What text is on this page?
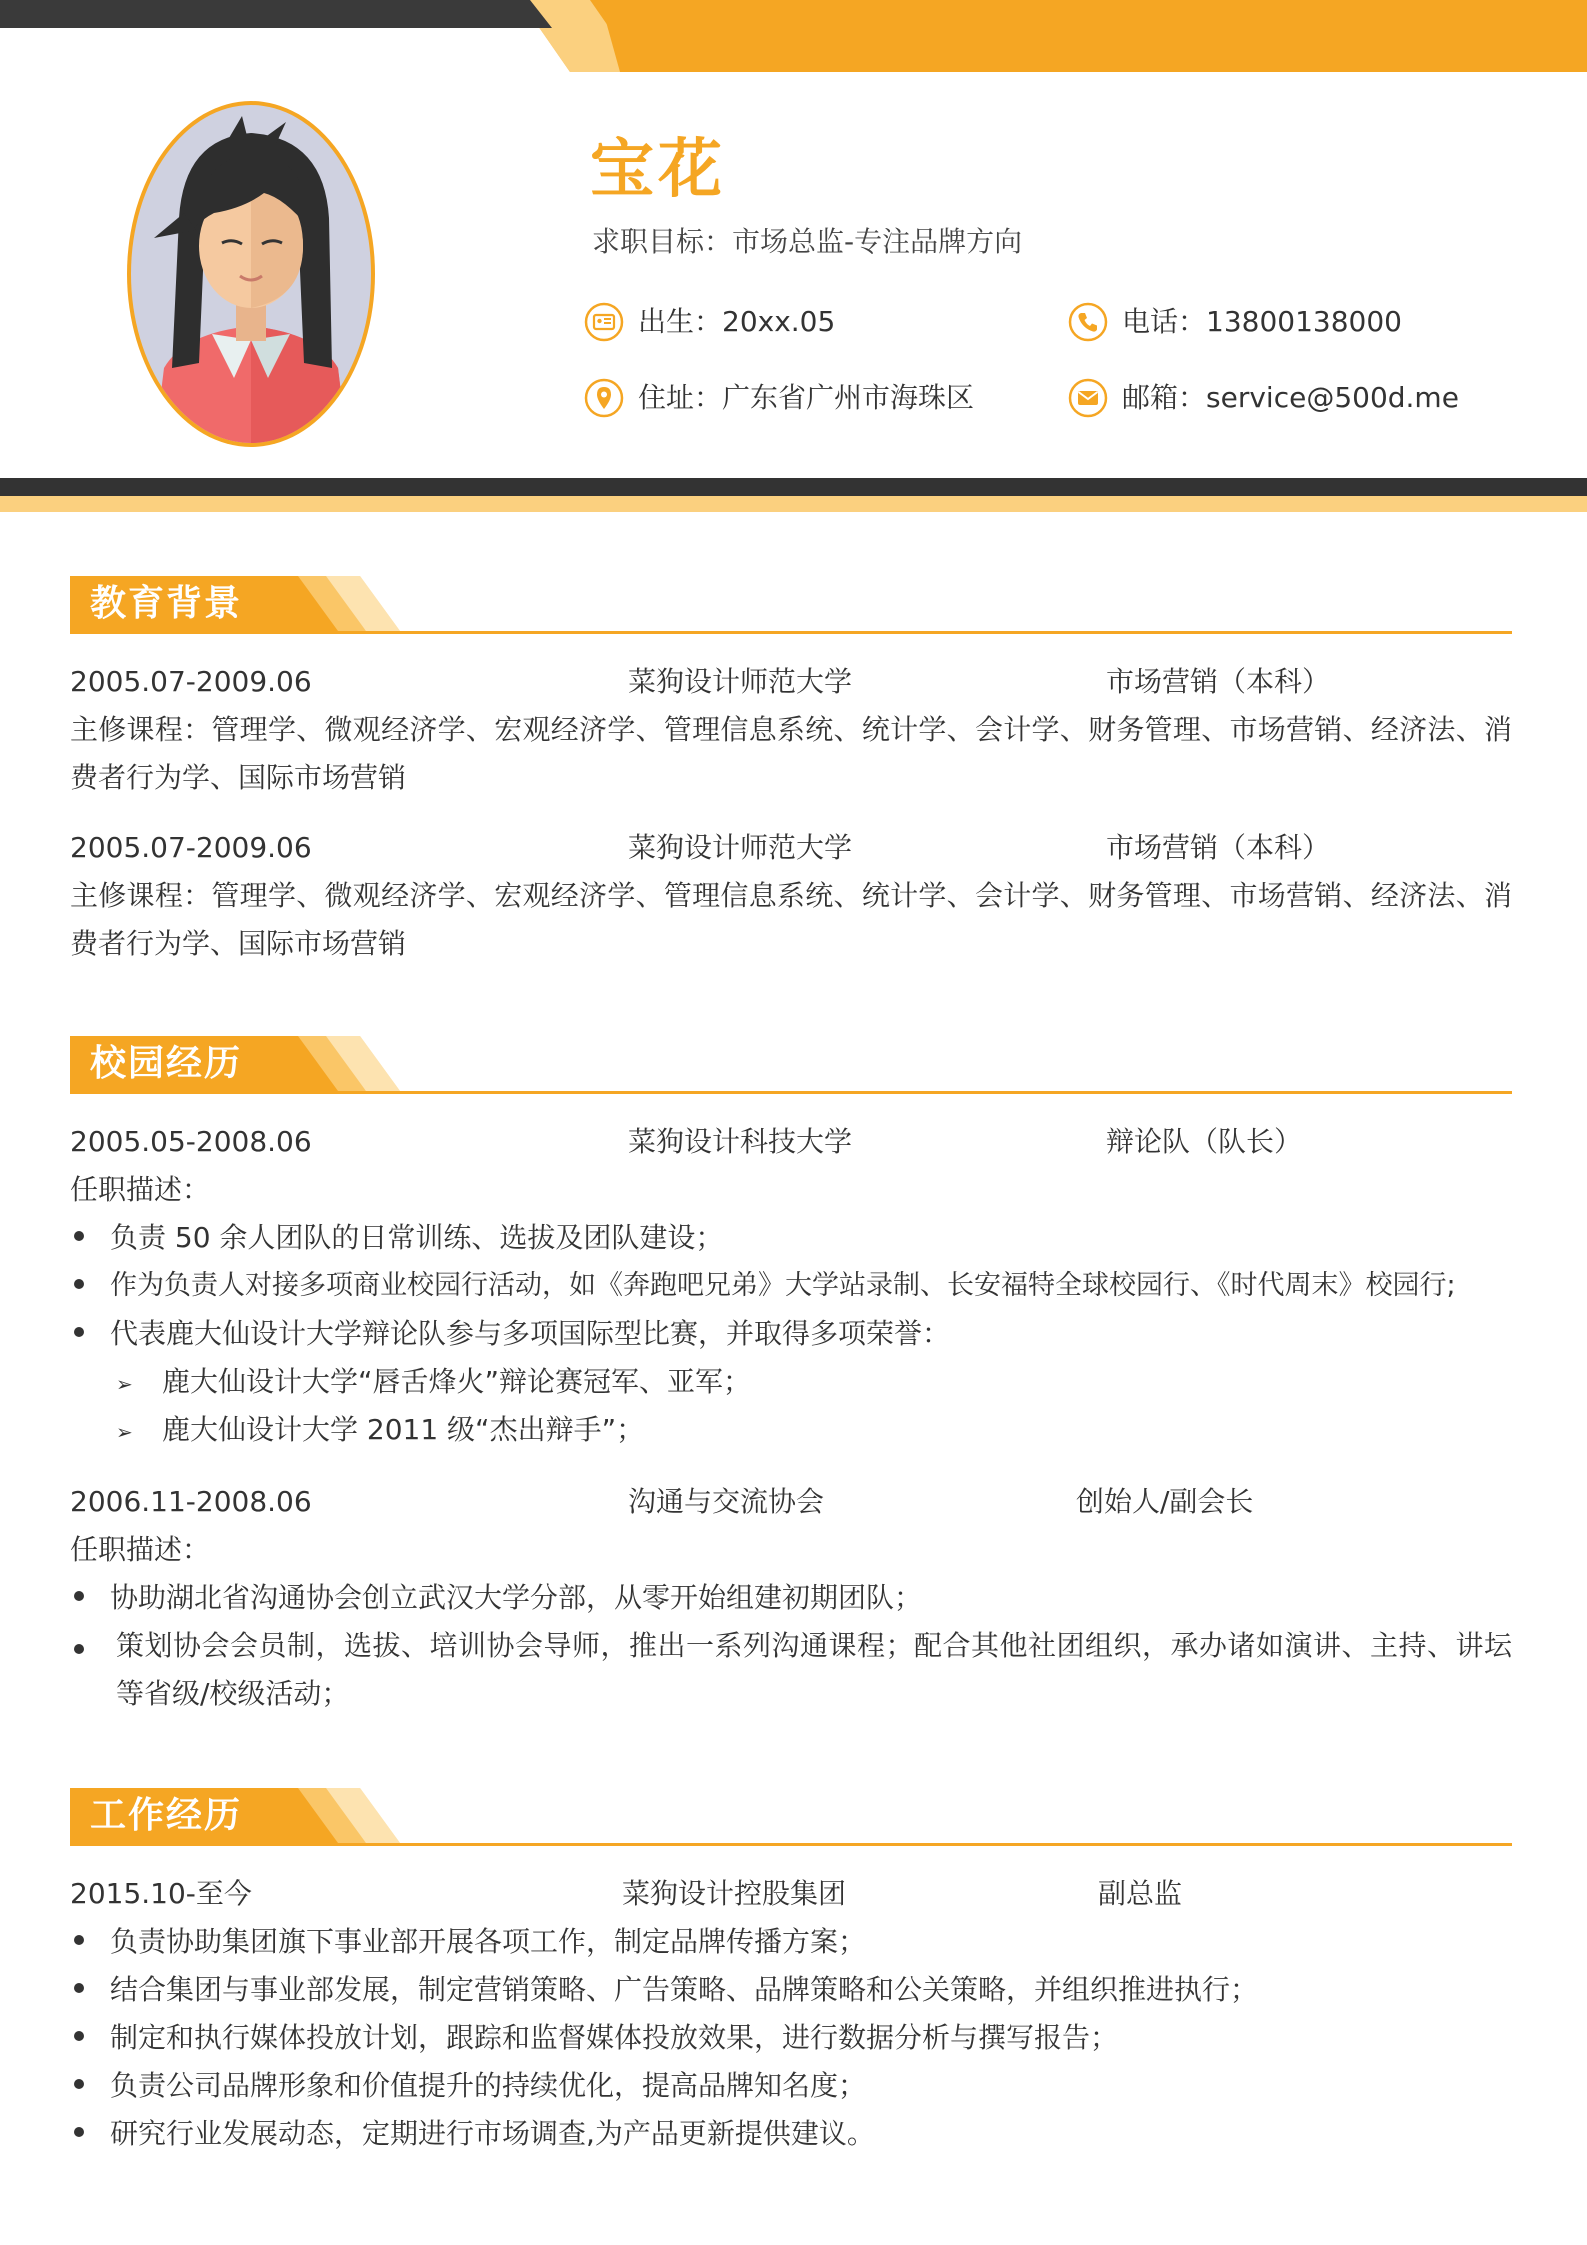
宝花
求职目标：市场总监-专注品牌方向
出生： 20xx.05	电话： 13800138000
住址： 广东省广州市海珠区	邮箱： service@500d.me
教育背景
2005.07-2009.06	菜狗设计师范大学	市场营销（本科）
主修课程：管理学、微观经济学、宏观经济学、管理信息系统、统计学、会计学、财务管理、市场营销、经济法、消费者行为学、国际市场营销
2005.07-2009.06	菜狗设计师范大学	市场营销（本科）
主修课程：管理学、微观经济学、宏观经济学、管理信息系统、统计学、会计学、财务管理、市场营销、经济法、消费者行为学、国际市场营销
校园经历
2005.05-2008.06	菜狗设计科技大学	辩论队（队长）
任职描述：
负责 50 余人团队的日常训练、选拔及团队建设；
作为负责人对接多项商业校园行活动，如《奔跑吧兄弟》大学站录制、长安福特全球校园行、《时代周末》校园行;
代表鹿大仙设计大学辩论队参与多项国际型比赛，并取得多项荣誉：
➢ 鹿大仙设计大学“唇舌烽火”辩论赛冠军、亚军；
➢ 鹿大仙设计大学 2011 级“杰出辩手”；
2006.11-2008.06	沟通与交流协会	创始人/副会长
任职描述：
协助湖北省沟通协会创立武汉大学分部，从零开始组建初期团队；
策划协会会员制，选拔、培训协会导师，推出一系列沟通课程；配合其他社团组织，承办诸如演讲、主持、讲坛等省级/校级活动；
工作经历
2015.10-至今	菜狗设计控股集团	副总监
负责协助集团旗下事业部开展各项工作，制定品牌传播方案；
结合集团与事业部发展，制定营销策略、广告策略、品牌策略和公关策略，并组织推进执行；
制定和执行媒体投放计划，跟踪和监督媒体投放效果，进行数据分析与撰写报告；
负责公司品牌形象和价值提升的持续优化，提高品牌知名度；
研究行业发展动态，定期进行市场调查,为产品更新提供建议。
